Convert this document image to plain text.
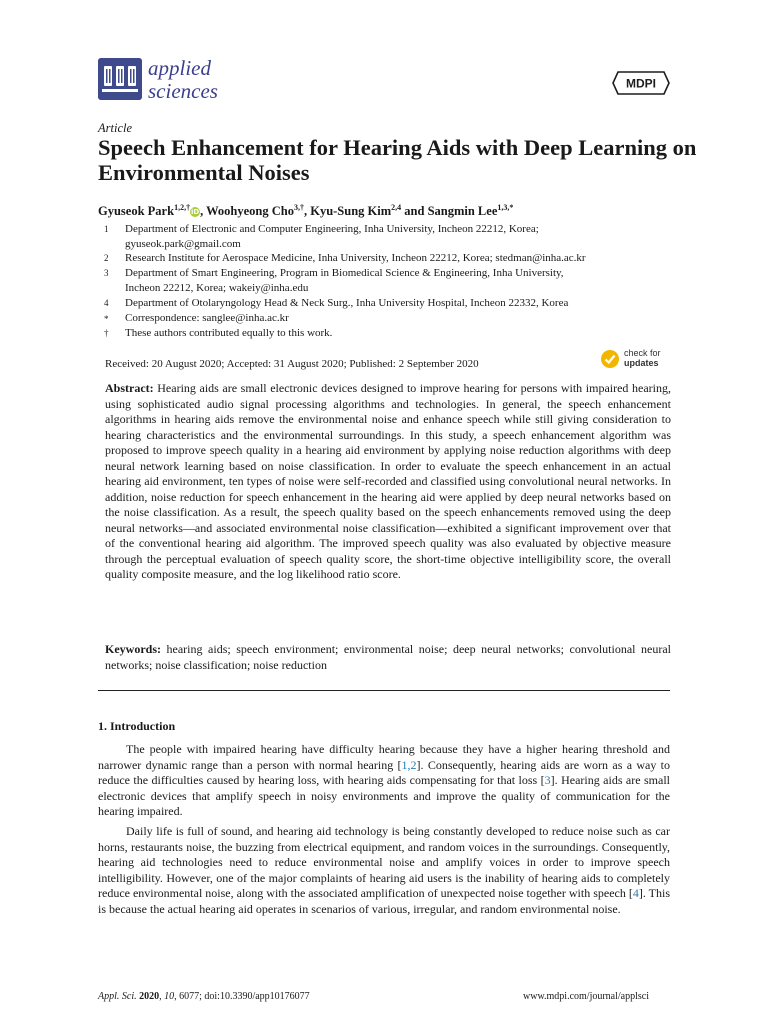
applied
sciences	MDPI
Article
Speech Enhancement for Hearing Aids with Deep Learning on Environmental Noises
Gyuseok Park$^{1,2,\dagger}$iD, Woohyeong Cho$^{3,\dagger}$, Kyu-Sung Kim$^{2,4}$ and Sangmin Lee$^{1,3,*}$
1 Department of Electronic and Computer Engineering, Inha University, Incheon 22212, Korea;
gyuseok.park@gmail.com
2 Research Institute for Aerospace Medicine, Inha University, Incheon 22212, Korea; stedman@inha.ac.kr
3 Department of Smart Engineering, Program in Biomedical Science & Engineering, Inha University,
Incheon 22212, Korea; wakeiy@inha.edu
4 Department of Otolaryngology Head & Neck Surg., Inha University Hospital, Incheon 22332, Korea
* Correspondence: sanglee@inha.ac.kr
† These authors contributed equally to this work.
Received: 20 August 2020; Accepted: 31 August 2020; Published: 2 September 2020
check for
updates
Abstract: Hearing aids are small electronic devices designed to improve hearing for persons with impaired hearing, using sophisticated audio signal processing algorithms and technologies. In general, the speech enhancement algorithms in hearing aids remove the environmental noise and enhance speech while still giving consideration to hearing characteristics and the environmental surroundings. In this study, a speech enhancement algorithm was proposed to improve speech quality in a hearing aid environment by applying noise reduction algorithms with deep neural network learning based on noise classification. In order to evaluate the speech enhancement in an actual hearing aid environment, ten types of noise were self-recorded and classified using convolutional neural networks. In addition, noise reduction for speech enhancement in the hearing aid were applied by deep neural networks based on the noise classification. As a result, the speech quality based on the speech enhancements removed using the deep neural networks—and associated environmental noise classification—exhibited a significant improvement over that of the conventional hearing aid algorithm. The improved speech quality was also evaluated by objective measure through the perceptual evaluation of speech quality score, the short-time objective intelligibility score, the overall quality composite measure, and the log likelihood ratio score.
Keywords: hearing aids; speech environment; environmental noise; deep neural networks; convolutional neural networks; noise classification; noise reduction
1. Introduction
The people with impaired hearing have difficulty hearing because they have a higher hearing threshold and narrower dynamic range than a person with normal hearing [1,2]. Consequently, hearing aids are worn as a way to reduce the difficulties caused by hearing loss, with hearing aids compensating for that loss [3]. Hearing aids are small electronic devices that amplify speech in noisy environments and improve the quality of communication for the hearing impaired.
Daily life is full of sound, and hearing aid technology is being constantly developed to reduce noise such as car horns, restaurants noise, the buzzing from electrical equipment, and random voices in the surroundings. Consequently, hearing aid technologies need to reduce environmental noise and amplify voices in order to improve speech intelligibility. However, one of the major complaints of hearing aid users is the inability of hearing aids to completely reduce environmental noise, along with the associated amplification of unexpected noise together with speech [4]. This is because the actual hearing aid operates in scenarios of various, irregular, and random environmental noise.
Appl. Sci. 2020, 10, 6077; doi:10.3390/app10176077	www.mdpi.com/journal/applsci
